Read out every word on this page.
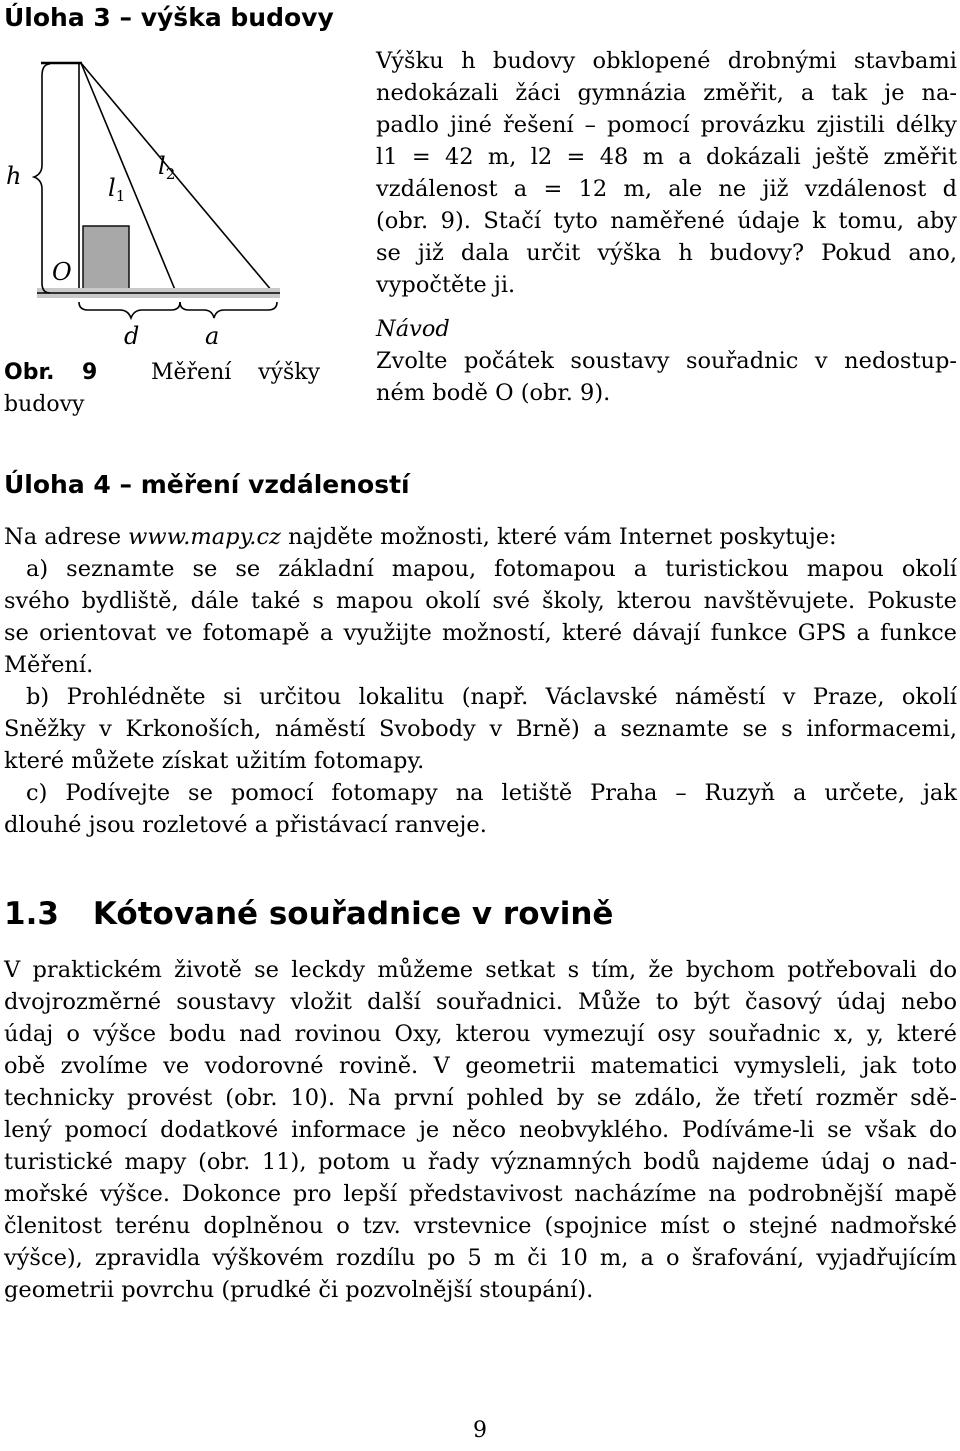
Úloha 3 – výška budovy
h	$l_1$
$l_2$
O
d	a
Obr. 9 Měření výšky budovy

Výšku h budovy obklopené drobnými stavbami

nedokázali žáci gymnázia změřit, a tak je na-

padlo jiné řešení – pomocí provázku zjistili délky

l1 = 42 m, l2 = 48 m a dokázali ještě změřit

vzdálenost a = 12 m, ale ne již vzdálenost d

(obr. 9). Stačí tyto naměřené údaje k tomu, aby

se již dala určit výška h budovy? Pokud ano,

vypočtěte ji.

Návod

Zvolte počátek soustavy souřadnic v nedostup-

ném bodě O (obr. 9).

Úloha 4 – měření vzdáleností

Na adrese www.mapy.cz najděte možnosti, které vám Internet poskytuje:

a) seznamte se se základní mapou, fotomapou a turistickou mapou okolí

svého bydliště, dále také s mapou okolí své školy, kterou navštěvujete. Pokuste

se orientovat ve fotomapě a využijte možností, které dávají funkce GPS a funkce

Měření.

b) Prohlédněte si určitou lokalitu (např. Václavské náměstí v Praze, okolí

Sněžky v Krkonoších, náměstí Svobody v Brně) a seznamte se s informacemi,

které můžete získat užitím fotomapy.

c) Podívejte se pomocí fotomapy na letiště Praha – Ruzyň a určete, jak

dlouhé jsou rozletové a přistávací ranveje.

1.3 Kótované souřadnice v rovině

V praktickém životě se leckdy můžeme setkat s tím, že bychom potřebovali do

dvojrozměrné soustavy vložit další souřadnici. Může to být časový údaj nebo

údaj o výšce bodu nad rovinou Oxy, kterou vymezují osy souřadnic x, y, které

obě zvolíme ve vodorovné rovině. V geometrii matematici vymysleli, jak toto

technicky provést (obr. 10). Na první pohled by se zdálo, že třetí rozměr sdě-

lený pomocí dodatkové informace je něco neobvyklého. Podíváme-li se však do

turistické mapy (obr. 11), potom u řady významných bodů najdeme údaj o nad-

mořské výšce. Dokonce pro lepší představivost nacházíme na podrobnější mapě

členitost terénu doplněnou o tzv. vrstevnice (spojnice míst o stejné nadmořské

výšce), zpravidla výškovém rozdílu po 5 m či 10 m, a o šrafování, vyjadřujícím

geometrii povrchu (prudké či pozvolnější stoupání).

9
